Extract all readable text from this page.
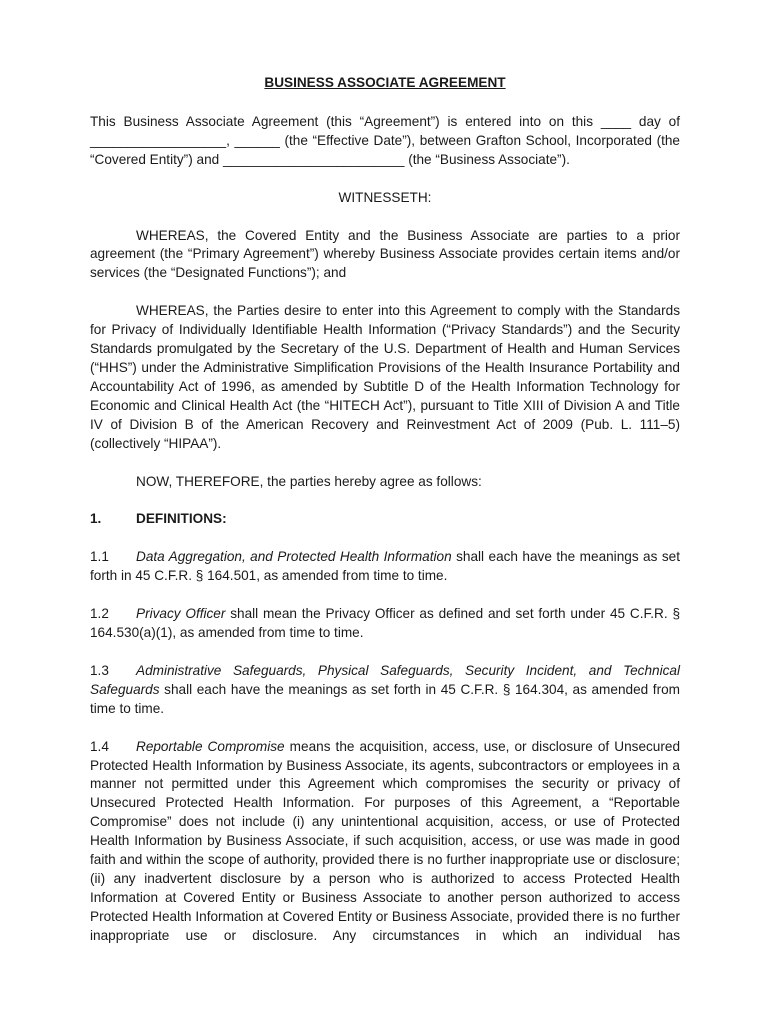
BUSINESS ASSOCIATE AGREEMENT

This Business Associate Agreement (this “Agreement”) is entered into on this ____ day of __________________, ______ (the “Effective Date”), between Grafton School, Incorporated (the “Covered Entity”) and ________________________ (the “Business Associate”).

WITNESSETH:

WHEREAS, the Covered Entity and the Business Associate are parties to a prior agreement (the “Primary Agreement”) whereby Business Associate provides certain items and/or services (the “Designated Functions”); and

WHEREAS, the Parties desire to enter into this Agreement to comply with the Standards for Privacy of Individually Identifiable Health Information (“Privacy Standards”) and the Security Standards promulgated by the Secretary of the U.S. Department of Health and Human Services (“HHS”) under the Administrative Simplification Provisions of the Health Insurance Portability and Accountability Act of 1996, as amended by Subtitle D of the Health Information Technology for Economic and Clinical Health Act (the “HITECH Act”), pursuant to Title XIII of Division A and Title IV of Division B of the American Recovery and Reinvestment Act of 2009 (Pub. L. 111–5) (collectively “HIPAA”).

NOW, THEREFORE, the parties hereby agree as follows:

1.	DEFINITIONS:

1.1 Data Aggregation, and Protected Health Information shall each have the meanings as set forth in 45 C.F.R. § 164.501, as amended from time to time.

1.2 Privacy Officer shall mean the Privacy Officer as defined and set forth under 45 C.F.R. § 164.530(a)(1), as amended from time to time.

1.3 Administrative Safeguards, Physical Safeguards, Security Incident, and Technical Safeguards shall each have the meanings as set forth in 45 C.F.R. § 164.304, as amended from time to time.

1.4 Reportable Compromise means the acquisition, access, use, or disclosure of Unsecured Protected Health Information by Business Associate, its agents, subcontractors or employees in a manner not permitted under this Agreement which compromises the security or privacy of Unsecured Protected Health Information. For purposes of this Agreement, a “Reportable Compromise” does not include (i) any unintentional acquisition, access, or use of Protected Health Information by Business Associate, if such acquisition, access, or use was made in good faith and within the scope of authority, provided there is no further inappropriate use or disclosure; (ii) any inadvertent disclosure by a person who is authorized to access Protected Health Information at Covered Entity or Business Associate to another person authorized to access Protected Health Information at Covered Entity or Business Associate, provided there is no further inappropriate use or disclosure. Any circumstances in which an individual has
